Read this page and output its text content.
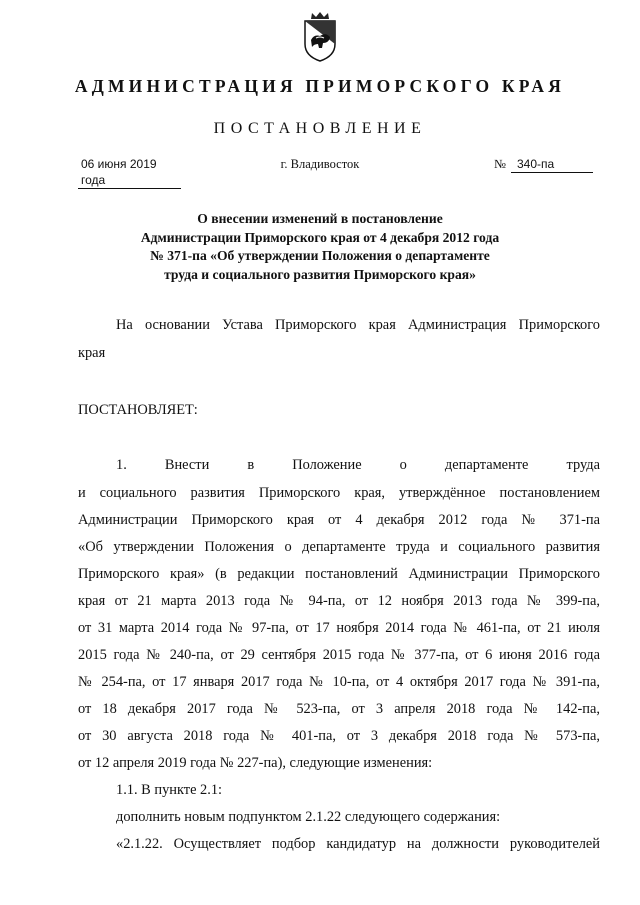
АДМИНИСТРАЦИЯ ПРИМОРСКОГО КРАЯ
ПОСТАНОВЛЕНИЕ
06 июня 2019 года
г. Владивосток	№ 340-па
О внесении изменений в постановление
Администрации Приморского края от 4 декабря 2012 года
№ 371-па «Об утверждении Положения о департаменте
труда и социального развития Приморского края»
На основании Устава Приморского края Администрация Приморского
края
ПОСТАНОВЛЯЕТ:
1. Внести в Положение о департаменте труда
и социального развития Приморского края, утверждённое постановлением
Администрации Приморского края от 4 декабря 2012 года № 371-па
«Об утверждении Положения о департаменте труда и социального развития
Приморского края» (в редакции постановлений Администрации Приморского
края от 21 марта 2013 года № 94-па, от 12 ноября 2013 года № 399-па,
от 31 марта 2014 года № 97-па, от 17 ноября 2014 года № 461-па, от 21 июля
2015 года № 240-па, от 29 сентября 2015 года № 377-па, от 6 июня 2016 года
№ 254-па, от 17 января 2017 года № 10-па, от 4 октября 2017 года № 391-па,
от 18 декабря 2017 года № 523-па, от 3 апреля 2018 года № 142-па,
от 30 августа 2018 года № 401-па, от 3 декабря 2018 года № 573-па,
от 12 апреля 2019 года № 227-па), следующие изменения:
1.1. В пункте 2.1:
дополнить новым подпунктом 2.1.22 следующего содержания:
«2.1.22. Осуществляет подбор кандидатур на должности руководителей
